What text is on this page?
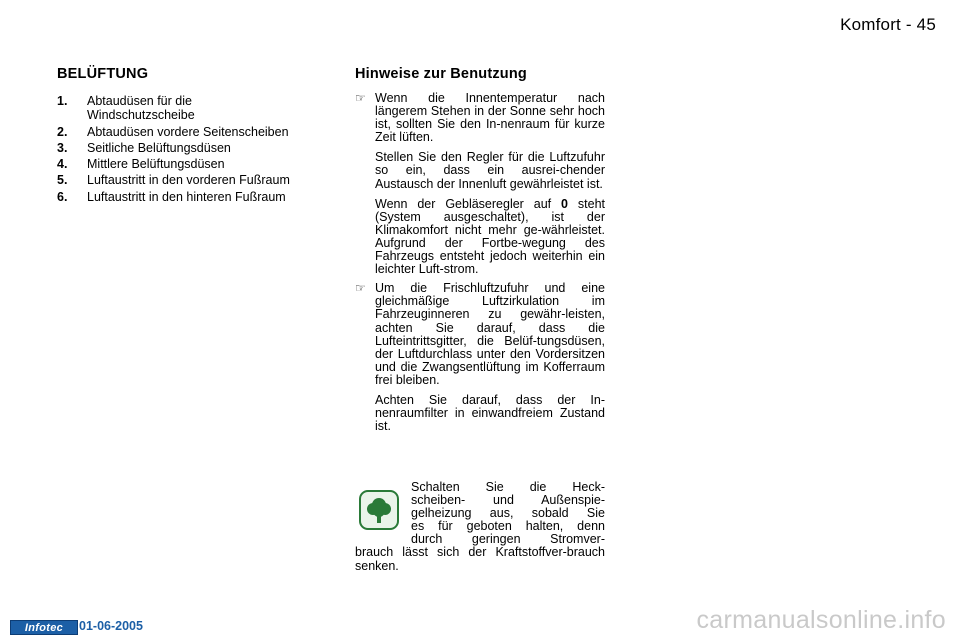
Komfort - 45
BELÜFTUNG
1.	Abtaudüsen für die Windschutzscheibe
2.	Abtaudüsen vordere Seitenscheiben
3.	Seitliche Belüftungsdüsen
4.	Mittlere Belüftungsdüsen
5.	Luftaustritt in den vorderen Fußraum
6.	Luftaustritt in den hinteren Fußraum
Hinweise zur Benutzung
☞ Wenn die Innentemperatur nach längerem Stehen in der Sonne sehr hoch ist, sollten Sie den In-nenraum für kurze Zeit lüften.

Stellen Sie den Regler für die Luftzufuhr so ein, dass ein ausrei-chender Austausch der Innenluft gewährleistet ist.

Wenn der Gebläseregler auf 0 steht (System ausgeschaltet), ist der Klimakomfort nicht mehr ge-währleistet. Aufgrund der Fortbe-wegung des Fahrzeugs entsteht jedoch weiterhin ein leichter Luft-strom.

☞ Um die Frischluftzufuhr und eine gleichmäßige Luftzirkulation im Fahrzeuginneren zu gewähr-leisten, achten Sie darauf, dass die Lufteintrittsgitter, die Belüf-tungsdüsen, der Luftdurchlass unter den Vordersitzen und die Zwangsentlüftung im Kofferraum frei bleiben.

Achten Sie darauf, dass der In-nenraumfilter in einwandfreiem Zustand ist.

Schalten Sie die Heck-
scheiben- und Außenspie-
gelheizung aus, sobald Sie
es für geboten halten, denn
durch geringen Stromver-
brauch lässt sich der Kraftstoffver-brauch senken.
Infotec	01-06-2005	carmanualsonline.info
